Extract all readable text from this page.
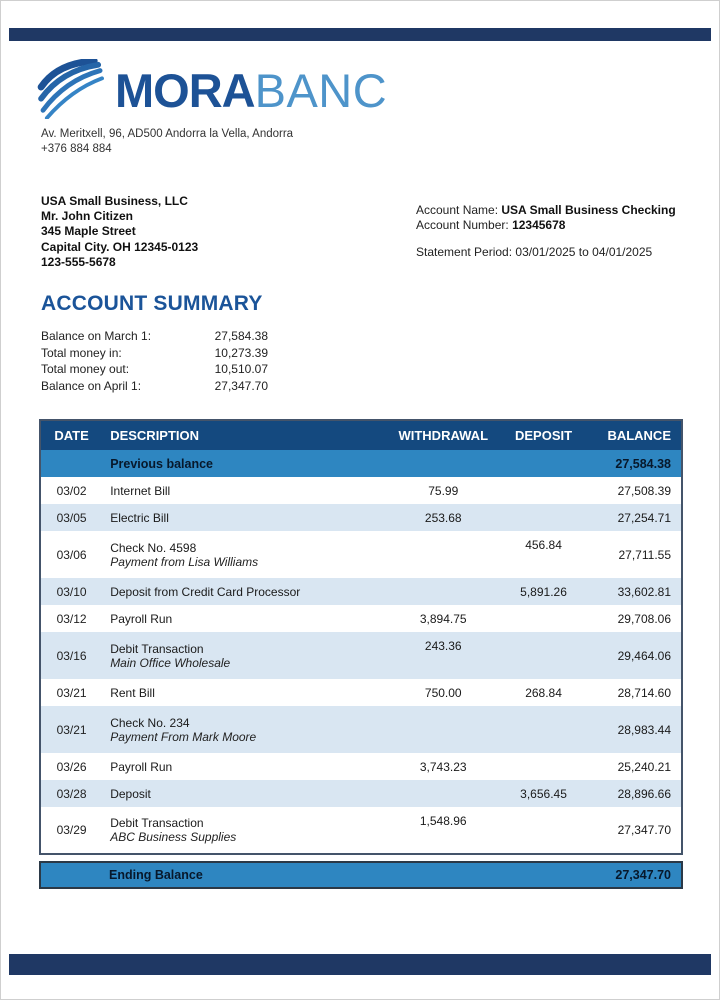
MORABANC
Av. Meritxell, 96, AD500 Andorra la Vella, Andorra
+376 884 884
USA Small Business, LLC
Mr. John Citizen
345 Maple Street
Capital City. OH 12345-0123
123-555-5678
Account Name: USA Small Business Checking
Account Number: 12345678
Statement Period: 03/01/2025 to 04/01/2025
ACCOUNT SUMMARY
Balance on March 1:	27,584.38
Total money in:	10,273.39
Total money out:	10,510.07
Balance on April 1:	27,347.70
DATE	DESCRIPTION	WITHDRAWAL	DEPOSIT	BALANCE
	Previous balance			27,584.38
03/02	Internet Bill	75.99		27,508.39
03/05	Electric Bill	253.68		27,254.71
03/06	Check No. 4598
Payment from Lisa Williams		456.84	27,711.55
03/10	Deposit from Credit Card Processor		5,891.26	33,602.81
03/12	Payroll Run	3,894.75		29,708.06
03/16	Debit Transaction
Main Office Wholesale	243.36		29,464.06
03/21	Rent Bill	750.00	268.84	28,714.60
03/21	Check No. 234
Payment From Mark Moore			28,983.44
03/26	Payroll Run	3,743.23		25,240.21
03/28	Deposit		3,656.45	28,896.66
03/29	Debit Transaction
ABC Business Supplies	1,548.96		27,347.70
Ending Balance	27,347.70
